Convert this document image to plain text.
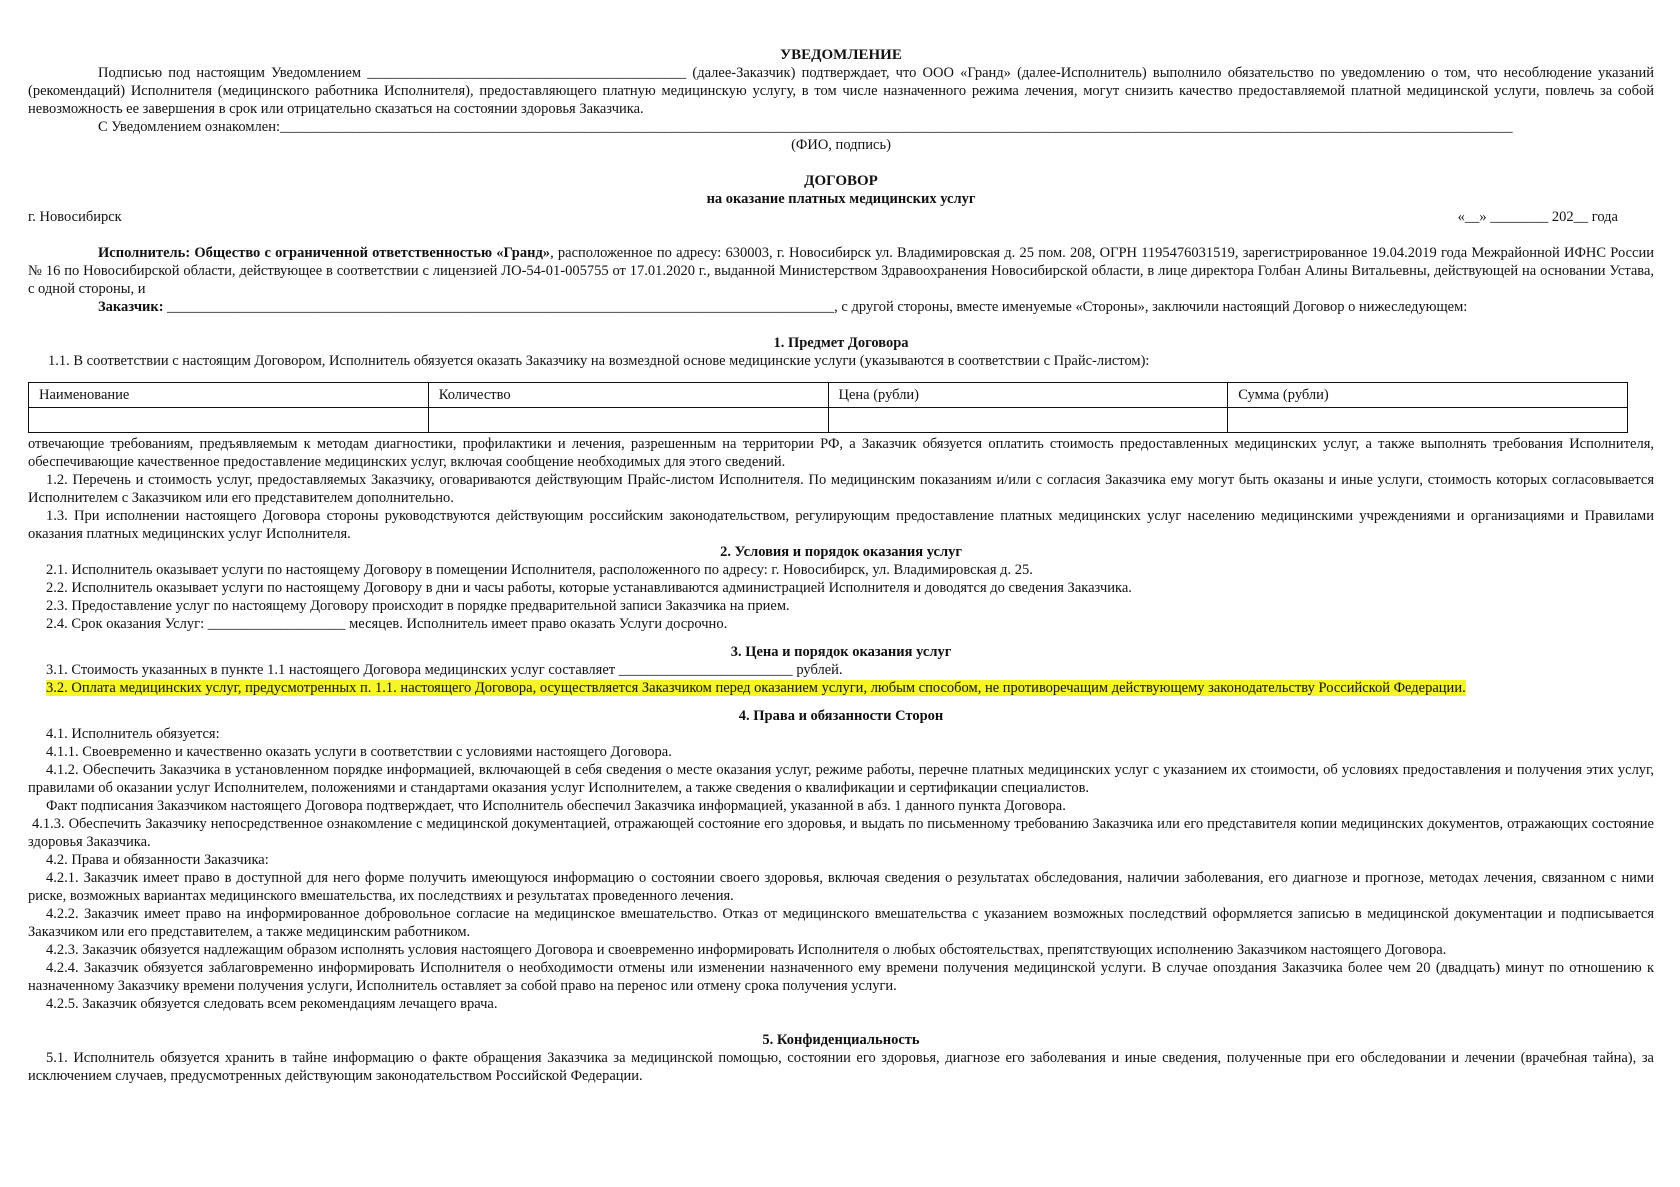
УВЕДОМЛЕНИЕ

Подписью под настоящим Уведомлением ____________________________________________ (далее-Заказчик) подтверждает, что ООО «Гранд» (далее-Исполнитель) выполнило обязательство по уведомлению о том, что несоблюдение указаний (рекомендаций) Исполнителя (медицинского работника Исполнителя), предоставляющего платную медицинскую услугу, в том числе назначенного режима лечения, могут снизить качество предоставляемой платной медицинской услуги, повлечь за собой невозможность ее завершения в срок или отрицательно сказаться на состоянии здоровья Заказчика.

С Уведомлением ознакомлен:__________________________________________________________________________________________________________________________________________________________________________

(ФИО, подпись)
ДОГОВОР
на оказание платных медицинских услуг
г. Новосибирск	«__» ________ 202__ года

Исполнитель: Общество с ограниченной ответственностью «Гранд», расположенное по адресу: 630003, г. Новосибирск ул. Владимировская д. 25 пом. 208, ОГРН 1195476031519, зарегистрированное 19.04.2019 года Межрайонной ИФНС России № 16 по Новосибирской области, действующее в соответствии с лицензией ЛО-54-01-005755 от 17.01.2020 г., выданной Министерством Здравоохранения Новосибирской области, в лице директора Голбан Алины Витальевны, действующей на основании Устава, с одной стороны, и

Заказчик: ____________________________________________________________________________________________, с другой стороны, вместе именуемые «Стороны», заключили настоящий Договор о нижеследующем:

1. Предмет Договора

1.1. В соответствии с настоящим Договором, Исполнитель обязуется оказать Заказчику на возмездной основе медицинские услуги (указываются в соответствии с Прайс-листом):

Наименование	Количество	Цена (рубли)	Сумма (рубли)

отвечающие требованиям, предъявляемым к методам диагностики, профилактики и лечения, разрешенным на территории РФ, а Заказчик обязуется оплатить стоимость предоставленных медицинских услуг, а также выполнять требования Исполнителя, обеспечивающие качественное предоставление медицинских услуг, включая сообщение необходимых для этого сведений.

1.2. Перечень и стоимость услуг, предоставляемых Заказчику, оговариваются действующим Прайс-листом Исполнителя. По медицинским показаниям и/или с согласия Заказчика ему могут быть оказаны и иные услуги, стоимость которых согласовывается Исполнителем с Заказчиком или его представителем дополнительно.

1.3. При исполнении настоящего Договора стороны руководствуются действующим российским законодательством, регулирующим предоставление платных медицинских услуг населению медицинскими учреждениями и организациями и Правилами оказания платных медицинских услуг Исполнителя.

2. Условия и порядок оказания услуг

2.1. Исполнитель оказывает услуги по настоящему Договору в помещении Исполнителя, расположенного по адресу: г. Новосибирск, ул. Владимировская д. 25.

2.2. Исполнитель оказывает услуги по настоящему Договору в дни и часы работы, которые устанавливаются администрацией Исполнителя и доводятся до сведения Заказчика.

2.3. Предоставление услуг по настоящему Договору происходит в порядке предварительной записи Заказчика на прием.

2.4. Срок оказания Услуг: ___________________ месяцев. Исполнитель имеет право оказать Услуги досрочно.

3. Цена и порядок оказания услуг

3.1. Стоимость указанных в пункте 1.1 настоящего Договора медицинских услуг составляет ________________________ рублей.

3.2. Оплата медицинских услуг, предусмотренных п. 1.1. настоящего Договора, осуществляется Заказчиком перед оказанием услуги, любым способом, не противоречащим действующему законодательству Российской Федерации.

4. Права и обязанности Сторон

4.1. Исполнитель обязуется:

4.1.1. Своевременно и качественно оказать услуги в соответствии с условиями настоящего Договора.

4.1.2. Обеспечить Заказчика в установленном порядке информацией, включающей в себя сведения о месте оказания услуг, режиме работы, перечне платных медицинских услуг с указанием их стоимости, об условиях предоставления и получения этих услуг, правилами об оказании услуг Исполнителем, положениями и стандартами оказания услуг Исполнителем, а также сведения о квалификации и сертификации специалистов.

Факт подписания Заказчиком настоящего Договора подтверждает, что Исполнитель обеспечил Заказчика информацией, указанной в абз. 1 данного пункта Договора.

4.1.3. Обеспечить Заказчику непосредственное ознакомление с медицинской документацией, отражающей состояние его здоровья, и выдать по письменному требованию Заказчика или его представителя копии медицинских документов, отражающих состояние здоровья Заказчика.

4.2. Права и обязанности Заказчика:

4.2.1. Заказчик имеет право в доступной для него форме получить имеющуюся информацию о состоянии своего здоровья, включая сведения о результатах обследования, наличии заболевания, его диагнозе и прогнозе, методах лечения, связанном с ними риске, возможных вариантах медицинского вмешательства, их последствиях и результатах проведенного лечения.

4.2.2. Заказчик имеет право на информированное добровольное согласие на медицинское вмешательство. Отказ от медицинского вмешательства с указанием возможных последствий оформляется записью в медицинской документации и подписывается Заказчиком или его представителем, а также медицинским работником.

4.2.3. Заказчик обязуется надлежащим образом исполнять условия настоящего Договора и своевременно информировать Исполнителя о любых обстоятельствах, препятствующих исполнению Заказчиком настоящего Договора.

4.2.4. Заказчик обязуется заблаговременно информировать Исполнителя о необходимости отмены или изменении назначенного ему времени получения медицинской услуги. В случае опоздания Заказчика более чем 20 (двадцать) минут по отношению к назначенному Заказчику времени получения услуги, Исполнитель оставляет за собой право на перенос или отмену срока получения услуги.

4.2.5. Заказчик обязуется следовать всем рекомендациям лечащего врача.

5. Конфиденциальность

5.1. Исполнитель обязуется хранить в тайне информацию о факте обращения Заказчика за медицинской помощью, состоянии его здоровья, диагнозе его заболевания и иные сведения, полученные при его обследовании и лечении (врачебная тайна), за исключением случаев, предусмотренных действующим законодательством Российской Федерации.
